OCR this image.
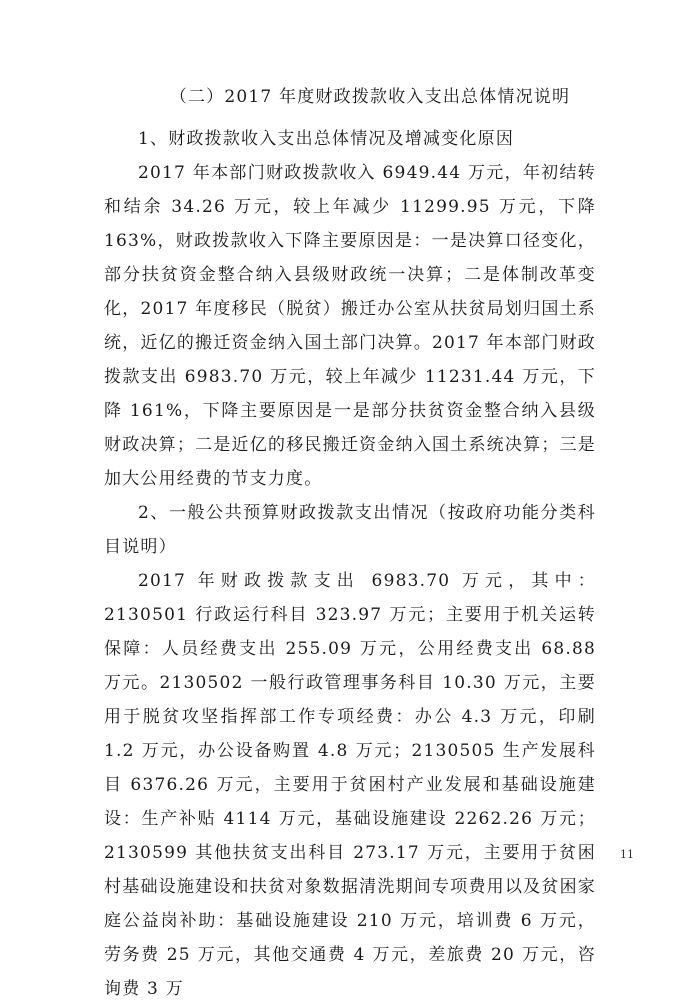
（二）2017 年度财政拨款收入支出总体情况说明

1、财政拨款收入支出总体情况及增减变化原因

2017 年本部门财政拨款收入 6949.44 万元，年初结转和结余 34.26 万元，较上年减少 11299.95 万元，下降 163%，财政拨款收入下降主要原因是：一是决算口径变化，部分扶贫资金整合纳入县级财政统一决算；二是体制改革变化，2017 年度移民（脱贫）搬迁办公室从扶贫局划归国土系统，近亿的搬迁资金纳入国土部门决算。2017 年本部门财政拨款支出 6983.70 万元，较上年减少 11231.44 万元，下降 161%，下降主要原因是一是部分扶贫资金整合纳入县级财政决算；二是近亿的移民搬迁资金纳入国土系统决算；三是加大公用经费的节支力度。

2、一般公共预算财政拨款支出情况（按政府功能分类科目说明）

2017 年财政拨款支出 6983.70 万元，其中：2130501 行政运行科目 323.97 万元；主要用于机关运转保障：人员经费支出 255.09 万元，公用经费支出 68.88 万元。2130502 一般行政管理事务科目 10.30 万元，主要用于脱贫攻坚指挥部工作专项经费：办公 4.3 万元，印刷 1.2 万元，办公设备购置 4.8 万元；2130505 生产发展科目 6376.26 万元，主要用于贫困村产业发展和基础设施建设：生产补贴 4114 万元，基础设施建设 2262.26 万元；2130599 其他扶贫支出科目 273.17 万元，主要用于贫困村基础设施建设和扶贫对象数据清洗期间专项费用以及贫困家庭公益岗补助：基础设施建设 210 万元，培训费 6 万元，劳务费 25 万元，其他交通费 4 万元，差旅费 20 万元，咨询费 3 万

11
